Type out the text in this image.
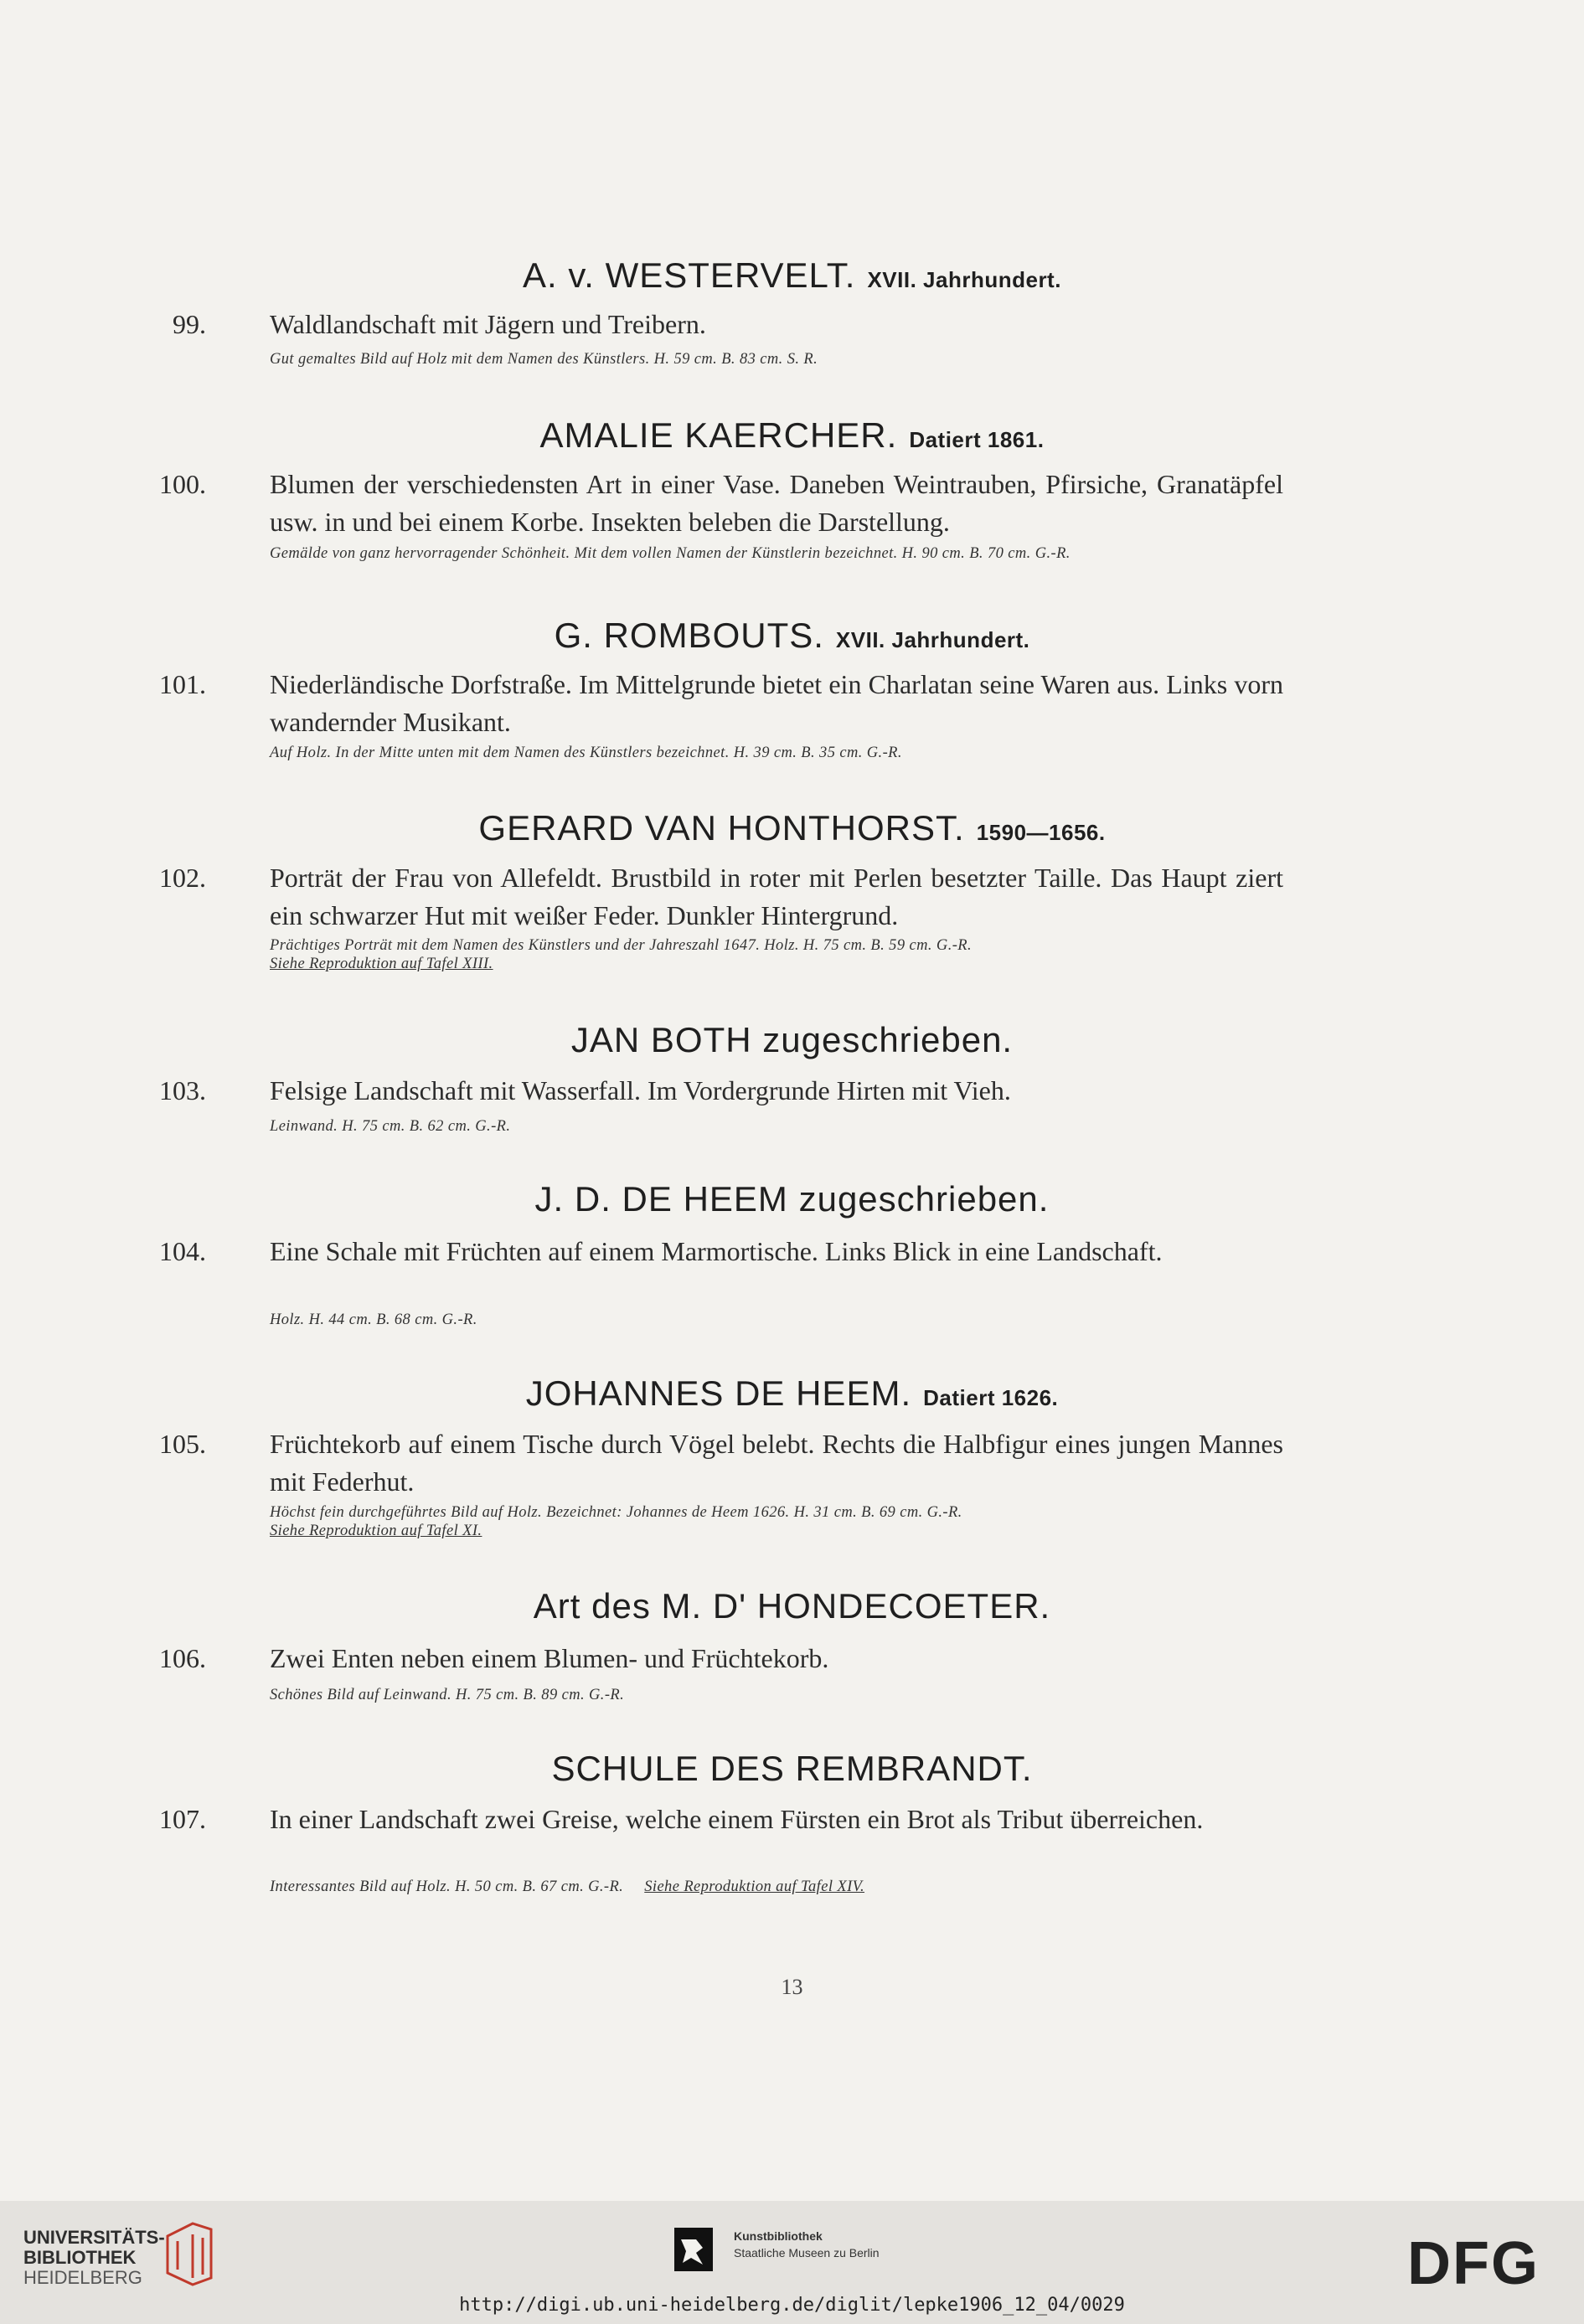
A. v. WESTERVELT. XVII. Jahrhundert.
99. Waldlandschaft mit Jägern und Treibern.
Gut gemaltes Bild auf Holz mit dem Namen des Künstlers. H. 59 cm. B. 83 cm. S. R.
AMALIE KAERCHER. Datiert 1861.
100. Blumen der verschiedensten Art in einer Vase. Daneben Weintrauben, Pfirsiche, Granatäpfel usw. in und bei einem Korbe. Insekten beleben die Darstellung.
Gemälde von ganz hervorragender Schönheit. Mit dem vollen Namen der Künstlerin bezeichnet. H. 90 cm. B. 70 cm. G.-R.
G. ROMBOUTS. XVII. Jahrhundert.
101. Niederländische Dorfstraße. Im Mittelgrunde bietet ein Charlatan seine Waren aus. Links vorn wandernder Musikant.
Auf Holz. In der Mitte unten mit dem Namen des Künstlers bezeichnet. H. 39 cm. B. 35 cm. G.-R.
GERARD VAN HONTHORST. 1590—1656.
102. Porträt der Frau von Allefeldt. Brustbild in roter mit Perlen besetzter Taille. Das Haupt ziert ein schwarzer Hut mit weißer Feder. Dunkler Hintergrund.
Prächtiges Porträt mit dem Namen des Künstlers und der Jahreszahl 1647. Holz. H. 75 cm. B. 59 cm. G.-R.
Siehe Reproduktion auf Tafel XIII.
JAN BOTH zugeschrieben.
103. Felsige Landschaft mit Wasserfall. Im Vordergrunde Hirten mit Vieh.
Leinwand. H. 75 cm. B. 62 cm. G.-R.
J. D. DE HEEM zugeschrieben.
104. Eine Schale mit Früchten auf einem Marmortische. Links Blick in eine Landschaft.
Holz. H. 44 cm. B. 68 cm. G.-R.
JOHANNES DE HEEM. Datiert 1626.
105. Früchtekorb auf einem Tische durch Vögel belebt. Rechts die Halbfigur eines jungen Mannes mit Federhut.
Höchst fein durchgeführtes Bild auf Holz. Bezeichnet: Johannes de Heem 1626. H. 31 cm. B. 69 cm. G.-R.
Siehe Reproduktion auf Tafel XI.
Art des M. D' HONDECOETER.
106. Zwei Enten neben einem Blumen- und Früchtekorb.
Schönes Bild auf Leinwand. H. 75 cm. B. 89 cm. G.-R.
SCHULE DES REMBRANDT.
107. In einer Landschaft zwei Greise, welche einem Fürsten ein Brot als Tribut überreichen.
Interessantes Bild auf Holz. H. 50 cm. B. 67 cm. G.-R. Siehe Reproduktion auf Tafel XIV.
13
UNIVERSITÄTS-
BIBLIOTHEK
HEIDELBERG
Kunstbibliothek
Staatliche Museen zu Berlin	DFG
http://digi.ub.uni-heidelberg.de/diglit/lepke1906_12_04/0029
